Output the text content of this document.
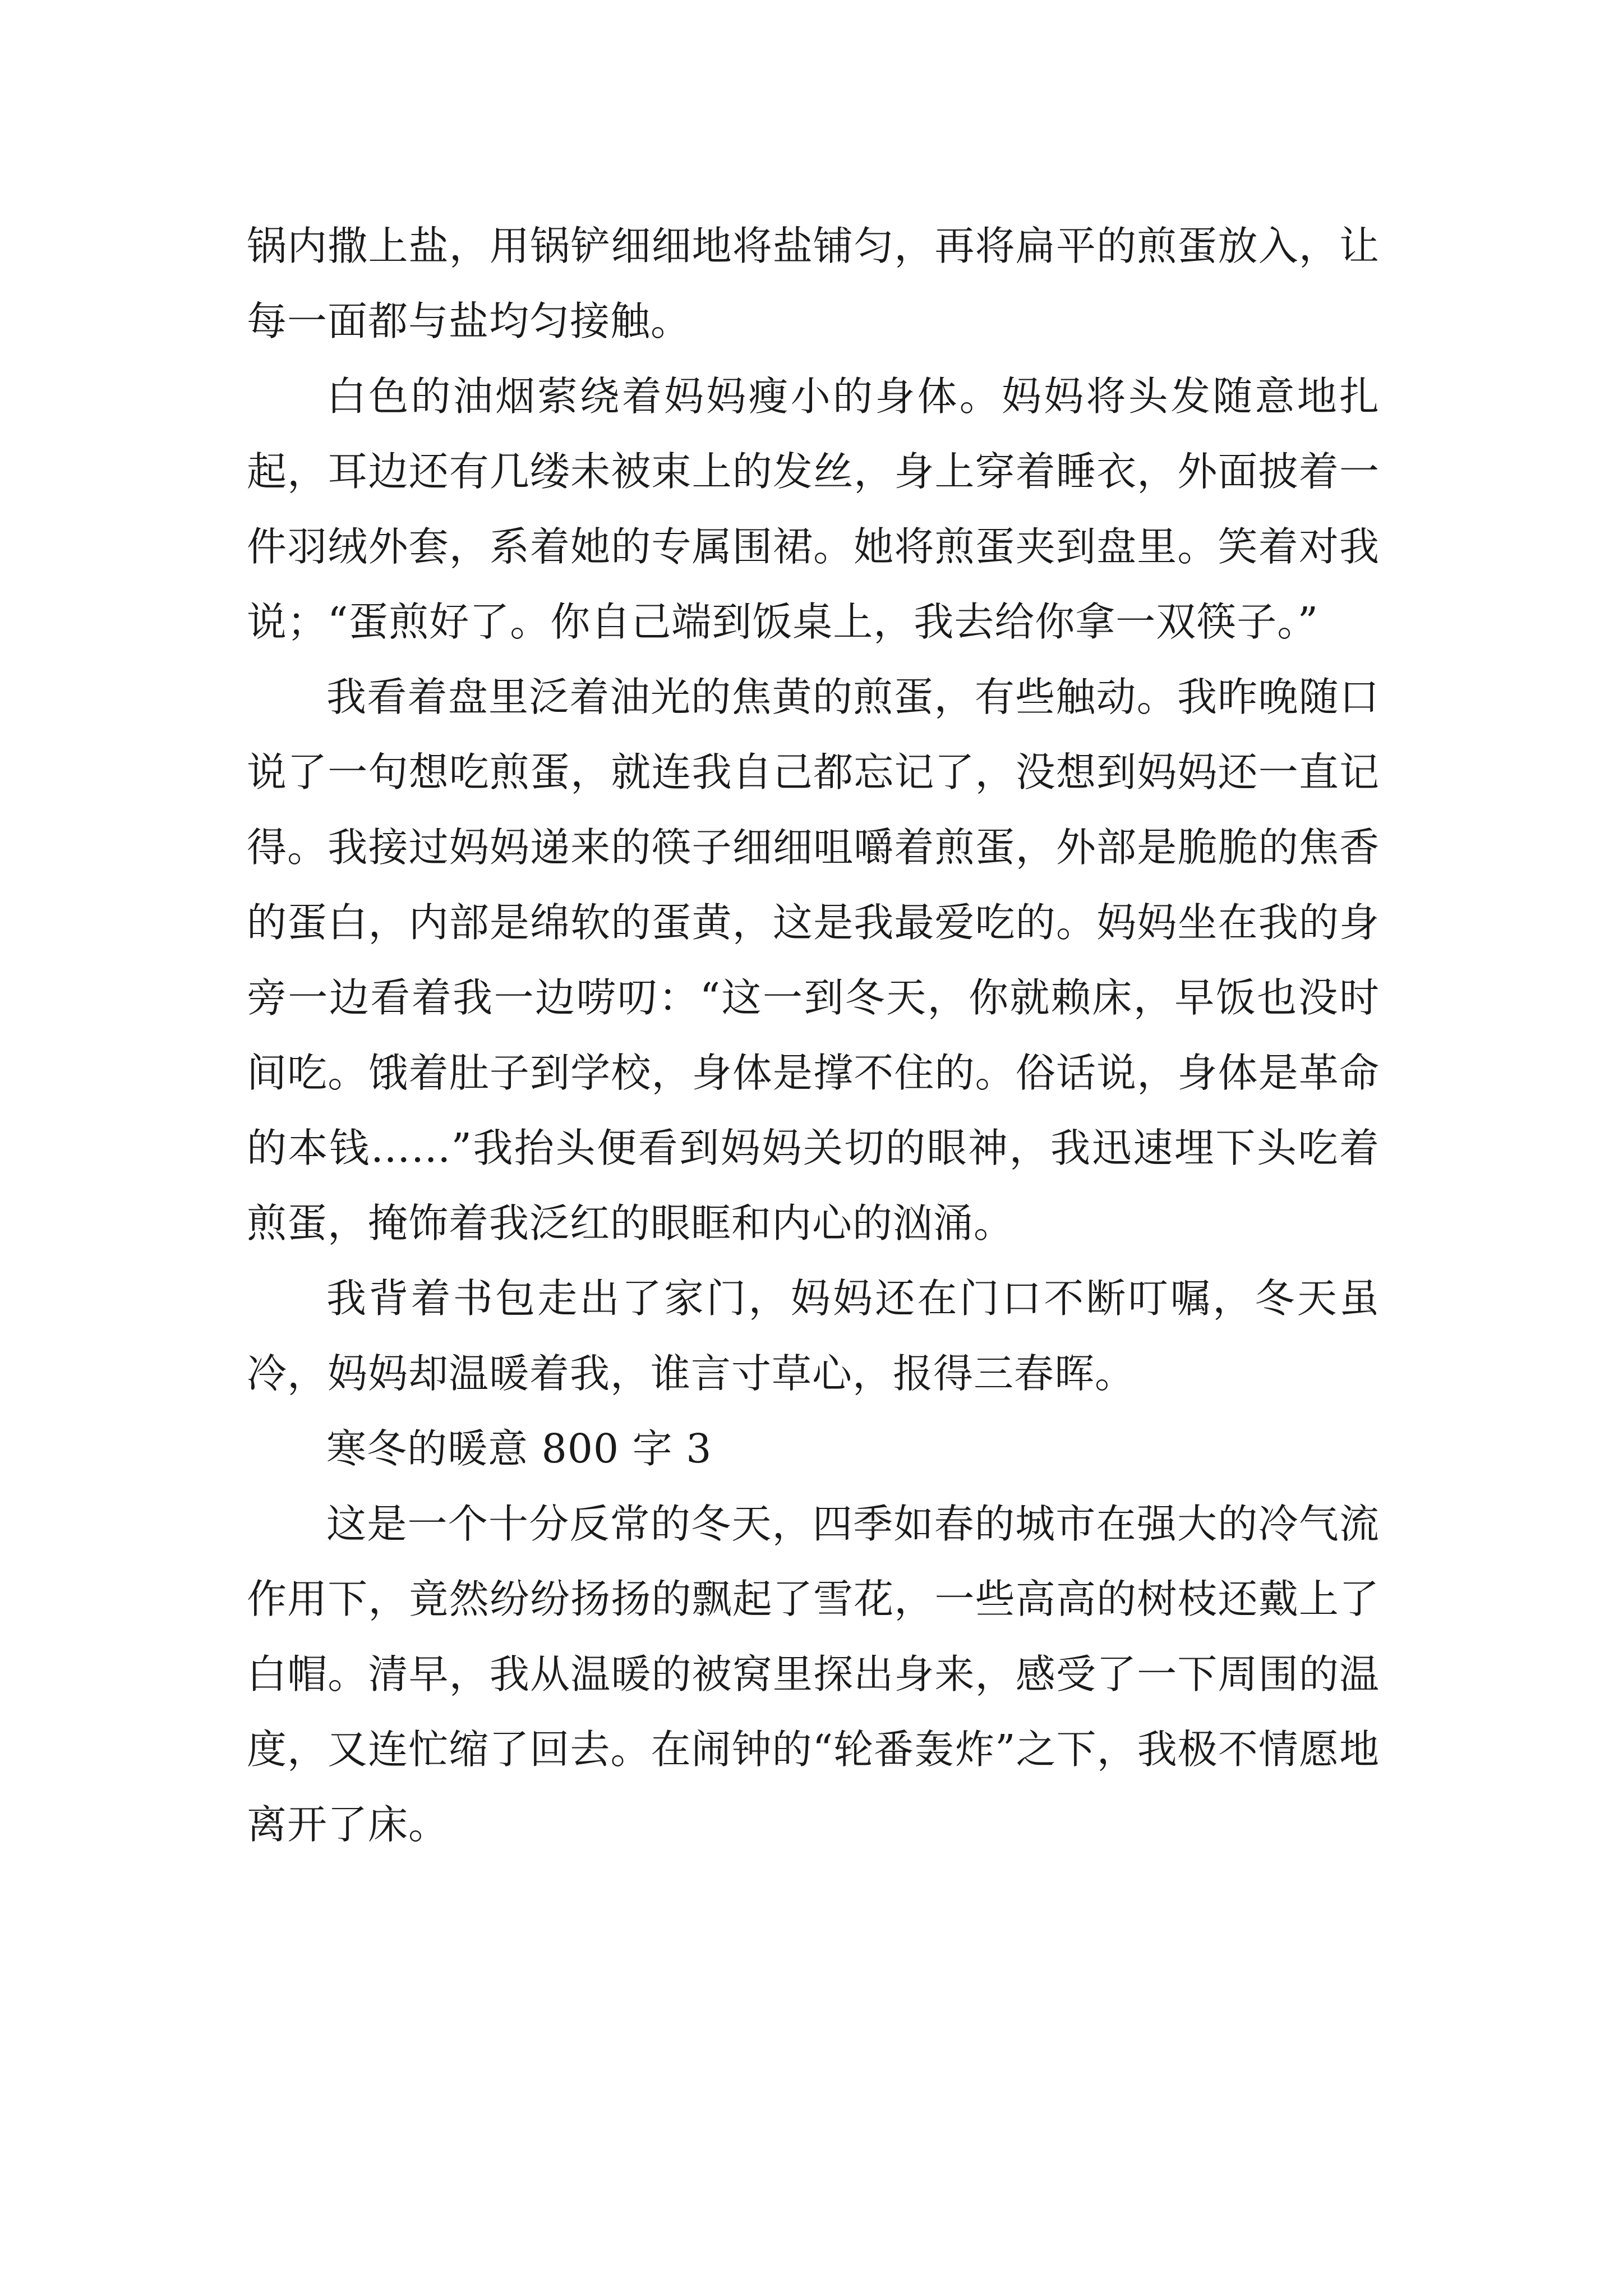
锅内撒上盐，用锅铲细细地将盐铺匀，再将扁平的煎蛋放入，让每一面都与盐均匀接触。

白色的油烟萦绕着妈妈瘦小的身体。妈妈将头发随意地扎起，耳边还有几缕未被束上的发丝，身上穿着睡衣，外面披着一件羽绒外套，系着她的专属围裙。她将煎蛋夹到盘里。笑着对我说；“蛋煎好了。你自己端到饭桌上，我去给你拿一双筷子。”

我看着盘里泛着油光的焦黄的煎蛋，有些触动。我昨晚随口说了一句想吃煎蛋，就连我自己都忘记了，没想到妈妈还一直记得。我接过妈妈递来的筷子细细咀嚼着煎蛋，外部是脆脆的焦香的蛋白，内部是绵软的蛋黄，这是我最爱吃的。妈妈坐在我的身旁一边看着我一边唠叨：“这一到冬天，你就赖床，早饭也没时间吃。饿着肚子到学校，身体是撑不住的。俗话说，身体是革命的本钱……”我抬头便看到妈妈关切的眼神，我迅速埋下头吃着煎蛋，掩饰着我泛红的眼眶和内心的汹涌。

我背着书包走出了家门，妈妈还在门口不断叮嘱，冬天虽冷，妈妈却温暖着我，谁言寸草心，报得三春晖。

寒冬的暖意 800 字 3

这是一个十分反常的冬天，四季如春的城市在强大的冷气流作用下，竟然纷纷扬扬的飘起了雪花，一些高高的树枝还戴上了白帽。清早，我从温暖的被窝里探出身来，感受了一下周围的温度，又连忙缩了回去。在闹钟的“轮番轰炸”之下，我极不情愿地离开了床。
